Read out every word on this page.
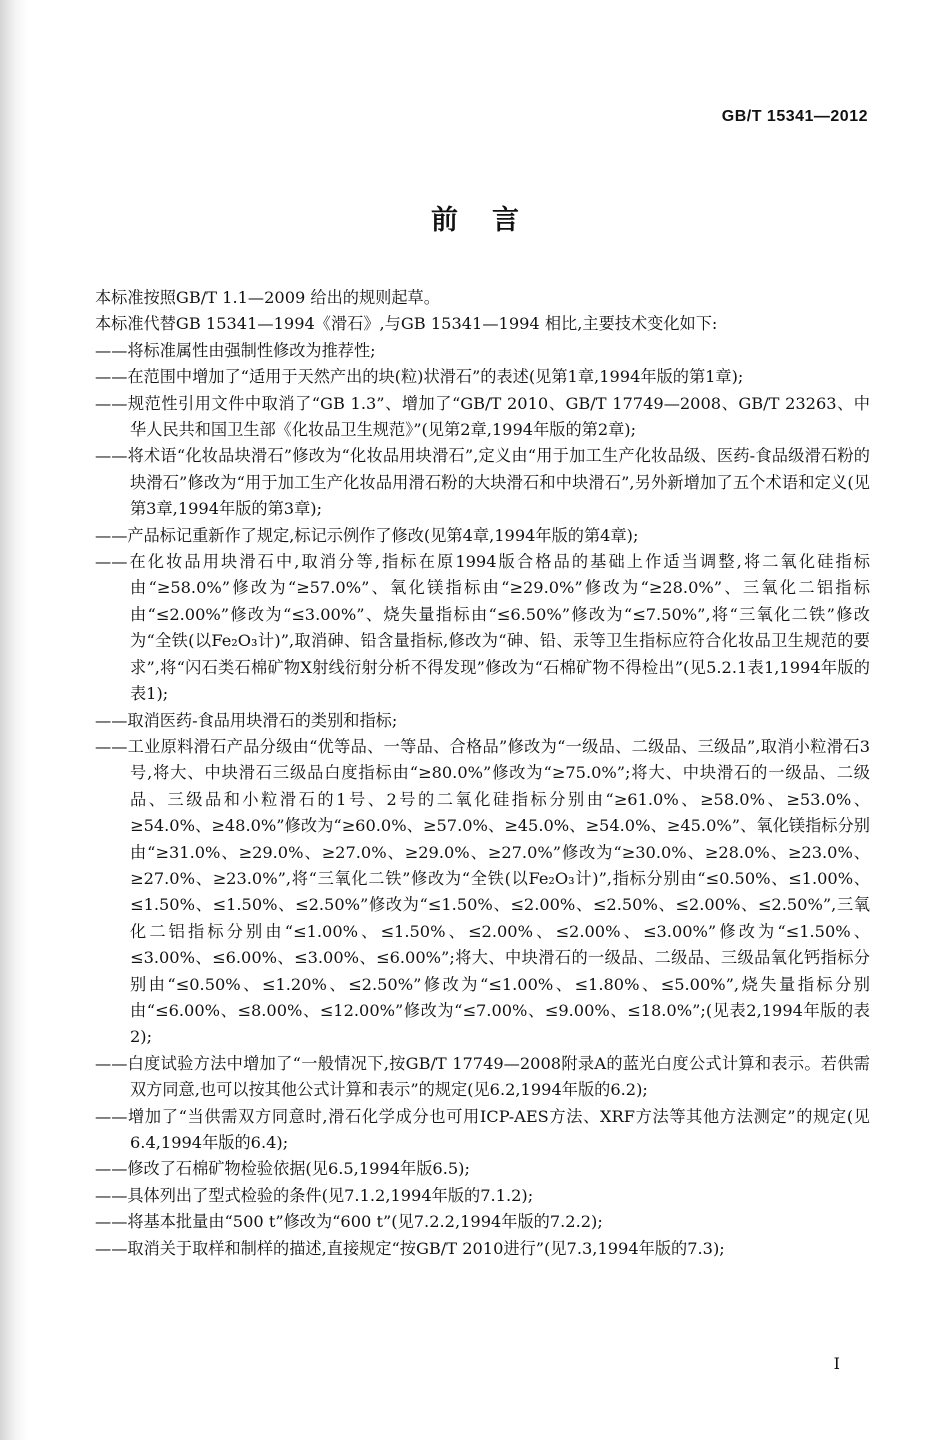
GB/T 15341—2012
前言

本标准按照GB/T 1.1—2009 给出的规则起草。

本标准代替GB 15341—1994《滑石》,与GB 15341—1994 相比,主要技术变化如下:

——将标准属性由强制性修改为推荐性;

——在范围中增加了“适用于天然产出的块(粒)状滑石”的表述(见第1章,1994年版的第1章);

——规范性引用文件中取消了“GB 1.3”、增加了“GB/T 2010、GB/T 17749—2008、GB/T 23263、中华人民共和国卫生部《化妆品卫生规范》”(见第2章,1994年版的第2章);

——将术语“化妆品块滑石”修改为“化妆品用块滑石”,定义由“用于加工生产化妆品级、医药-食品级滑石粉的块滑石”修改为“用于加工生产化妆品用滑石粉的大块滑石和中块滑石”,另外新增加了五个术语和定义(见第3章,1994年版的第3章);

——产品标记重新作了规定,标记示例作了修改(见第4章,1994年版的第4章);

——在化妆品用块滑石中,取消分等,指标在原1994版合格品的基础上作适当调整,将二氧化硅指标由“≥58.0%”修改为“≥57.0%”、氧化镁指标由“≥29.0%”修改为“≥28.0%”、三氧化二铝指标由“≤2.00%”修改为“≤3.00%”、烧失量指标由“≤6.50%”修改为“≤7.50%”,将“三氧化二铁”修改为“全铁(以Fe₂O₃计)”,取消砷、铅含量指标,修改为“砷、铅、汞等卫生指标应符合化妆品卫生规范的要求”,将“闪石类石棉矿物X射线衍射分析不得发现”修改为“石棉矿物不得检出”(见5.2.1表1,1994年版的表1);

——取消医药-食品用块滑石的类别和指标;

——工业原料滑石产品分级由“优等品、一等品、合格品”修改为“一级品、二级品、三级品”,取消小粒滑石3号,将大、中块滑石三级品白度指标由“≥80.0%”修改为“≥75.0%”;将大、中块滑石的一级品、二级品、三级品和小粒滑石的1号、2号的二氧化硅指标分别由“≥61.0%、≥58.0%、≥53.0%、≥54.0%、≥48.0%”修改为“≥60.0%、≥57.0%、≥45.0%、≥54.0%、≥45.0%”、氧化镁指标分别由“≥31.0%、≥29.0%、≥27.0%、≥29.0%、≥27.0%”修改为“≥30.0%、≥28.0%、≥23.0%、≥27.0%、≥23.0%”,将“三氧化二铁”修改为“全铁(以Fe₂O₃计)”,指标分别由“≤0.50%、≤1.00%、≤1.50%、≤1.50%、≤2.50%”修改为“≤1.50%、≤2.00%、≤2.50%、≤2.00%、≤2.50%”,三氧化二铝指标分别由“≤1.00%、≤1.50%、≤2.00%、≤2.00%、≤3.00%”修改为“≤1.50%、≤3.00%、≤6.00%、≤3.00%、≤6.00%”;将大、中块滑石的一级品、二级品、三级品氧化钙指标分别由“≤0.50%、≤1.20%、≤2.50%”修改为“≤1.00%、≤1.80%、≤5.00%”,烧失量指标分别由“≤6.00%、≤8.00%、≤12.00%”修改为“≤7.00%、≤9.00%、≤18.0%”;(见表2,1994年版的表2);

——白度试验方法中增加了“一般情况下,按GB/T 17749—2008附录A的蓝光白度公式计算和表示。若供需双方同意,也可以按其他公式计算和表示”的规定(见6.2,1994年版的6.2);

——增加了“当供需双方同意时,滑石化学成分也可用ICP-AES方法、XRF方法等其他方法测定”的规定(见6.4,1994年版的6.4);

——修改了石棉矿物检验依据(见6.5,1994年版6.5);

——具体列出了型式检验的条件(见7.1.2,1994年版的7.1.2);

——将基本批量由“500 t”修改为“600 t”(见7.2.2,1994年版的7.2.2);

——取消关于取样和制样的描述,直接规定“按GB/T 2010进行”(见7.3,1994年版的7.3);

I
